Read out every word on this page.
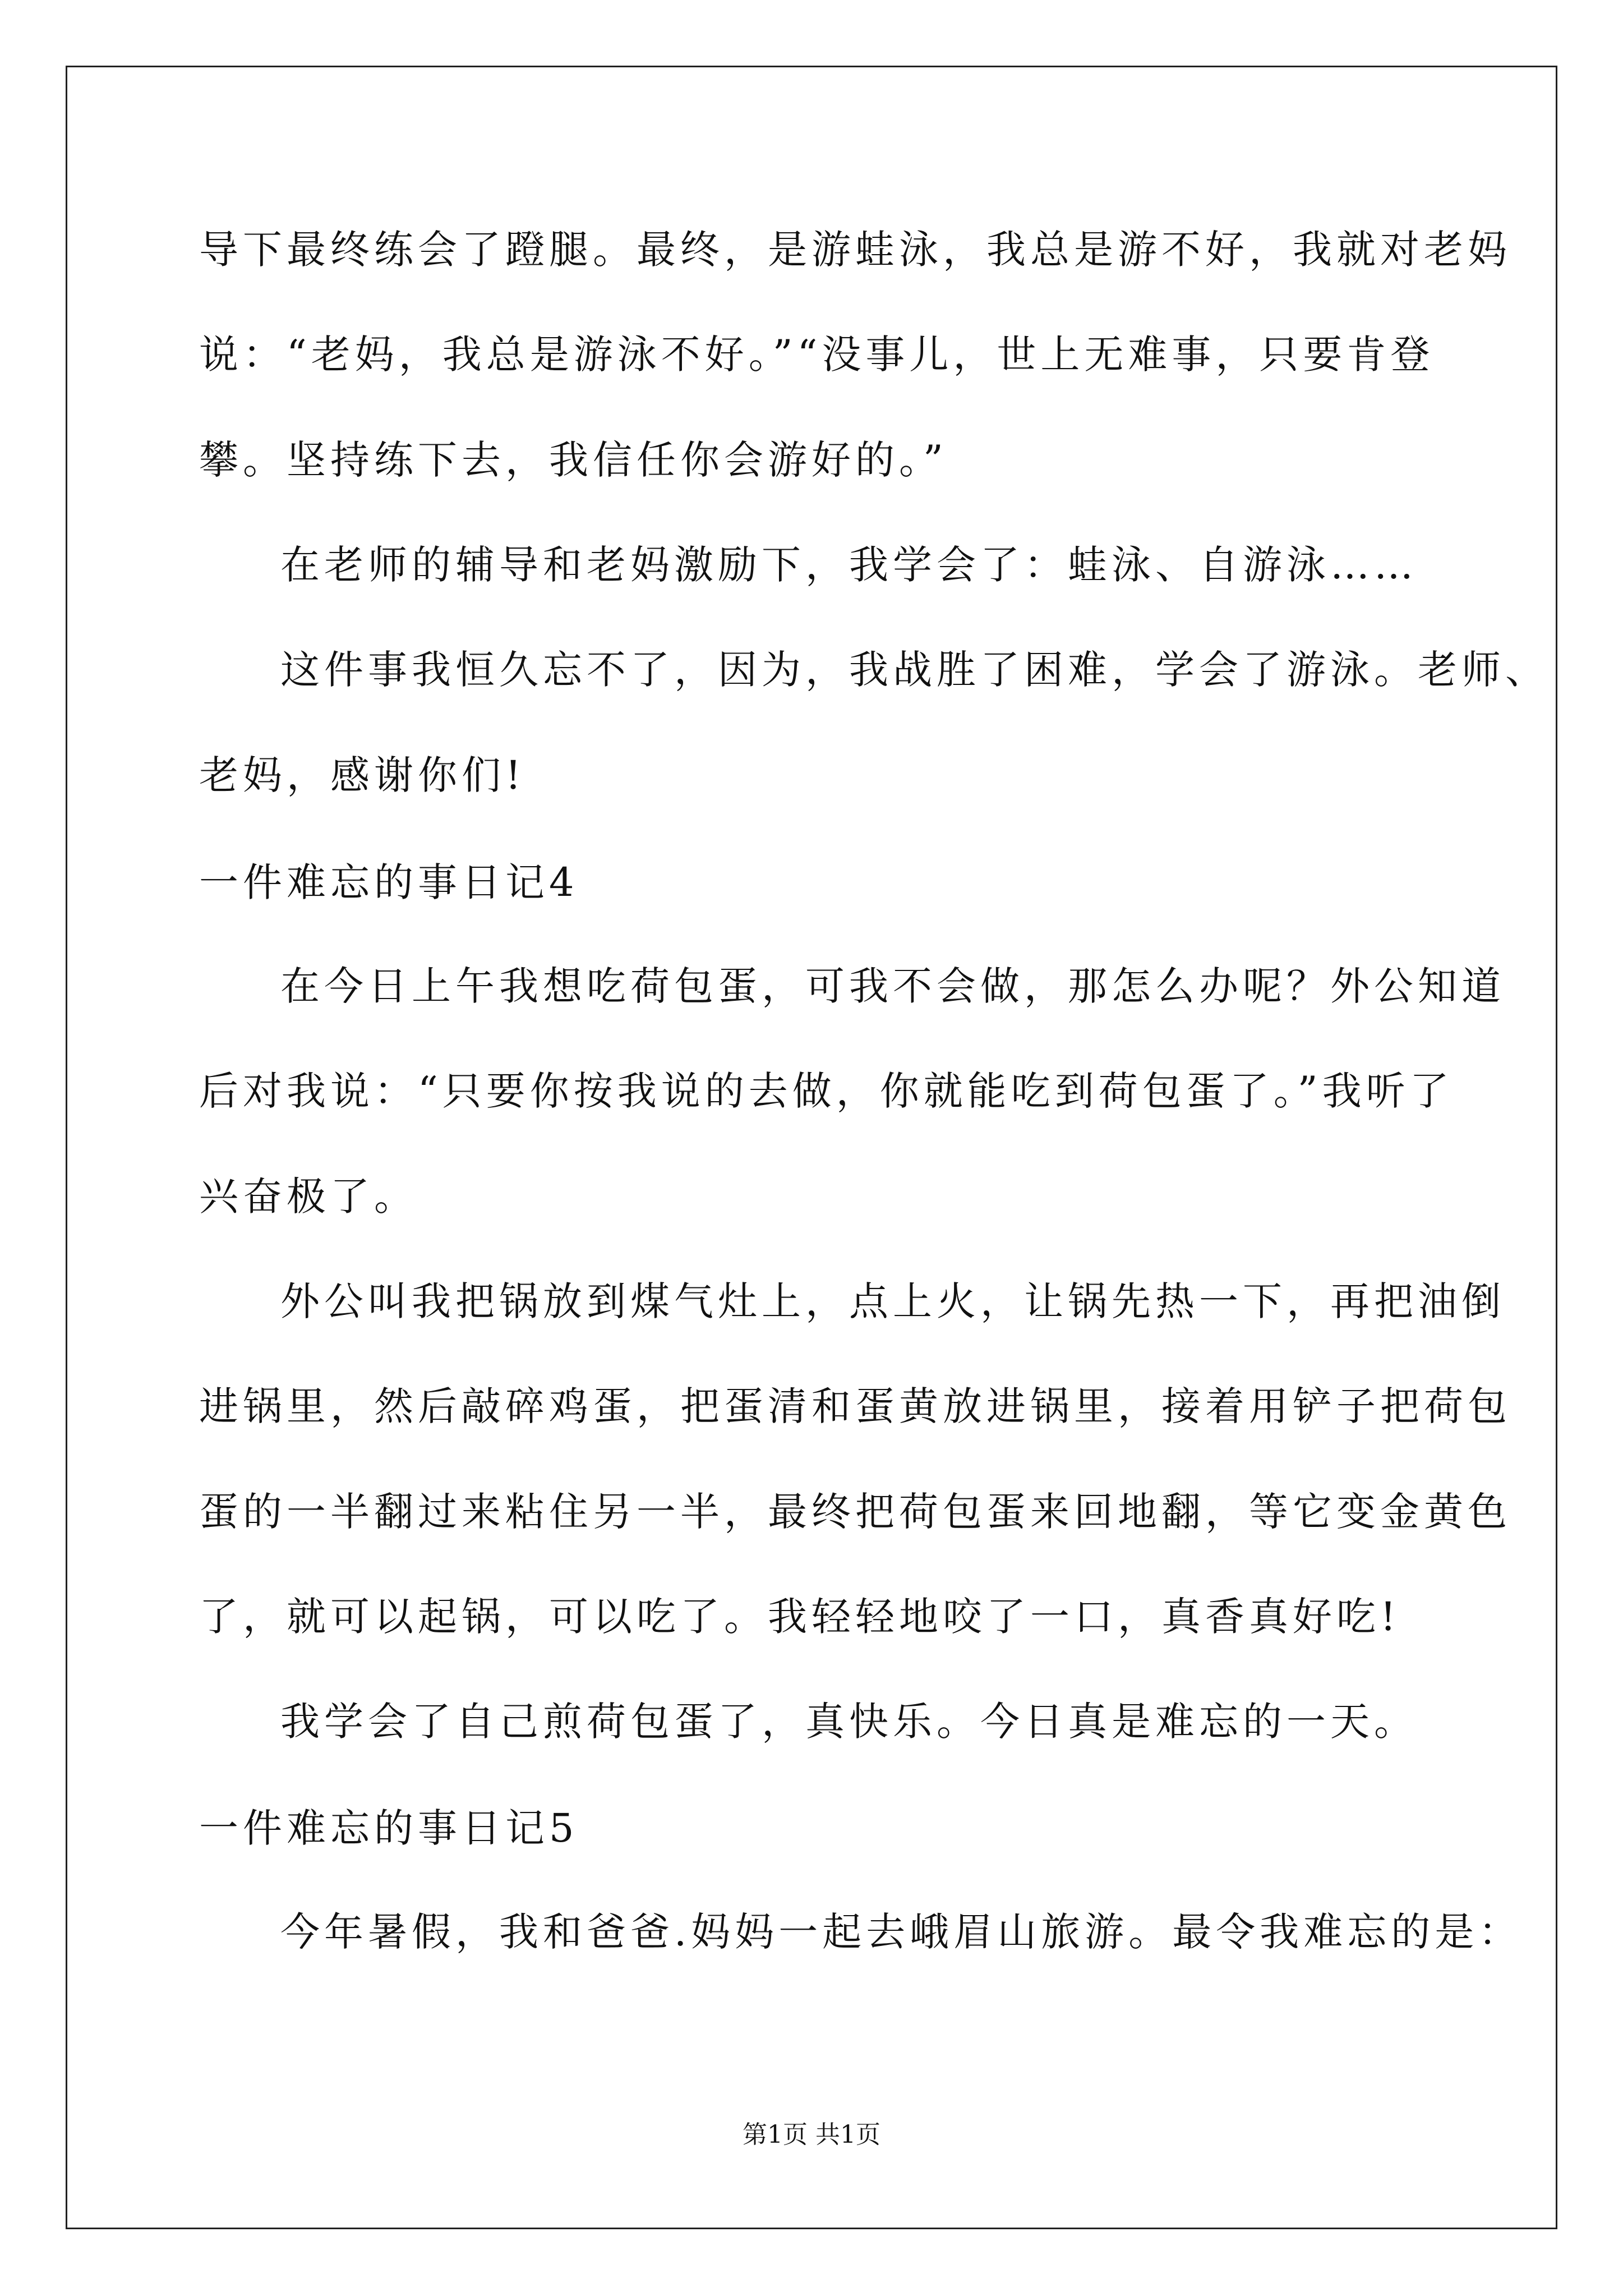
导下最终练会了蹬腿。最终，是游蛙泳，我总是游不好，我就对老妈
说：“老妈，我总是游泳不好。”“没事儿，世上无难事，只要肯登
攀。坚持练下去，我信任你会游好的。”
在老师的辅导和老妈激励下，我学会了：蛙泳、自游泳……
这件事我恒久忘不了，因为，我战胜了困难，学会了游泳。老师、
老妈，感谢你们!
一件难忘的事日记4
在今日上午我想吃荷包蛋，可我不会做，那怎么办呢？外公知道
后对我说：“只要你按我说的去做，你就能吃到荷包蛋了。”我听了
兴奋极了。
外公叫我把锅放到煤气灶上，点上火，让锅先热一下，再把油倒
进锅里，然后敲碎鸡蛋，把蛋清和蛋黄放进锅里，接着用铲子把荷包
蛋的一半翻过来粘住另一半，最终把荷包蛋来回地翻，等它变金黄色
了，就可以起锅，可以吃了。我轻轻地咬了一口，真香真好吃!
我学会了自己煎荷包蛋了，真快乐。今日真是难忘的一天。
一件难忘的事日记5
今年暑假，我和爸爸.妈妈一起去峨眉山旅游。最令我难忘的是：
第1页 共1页
